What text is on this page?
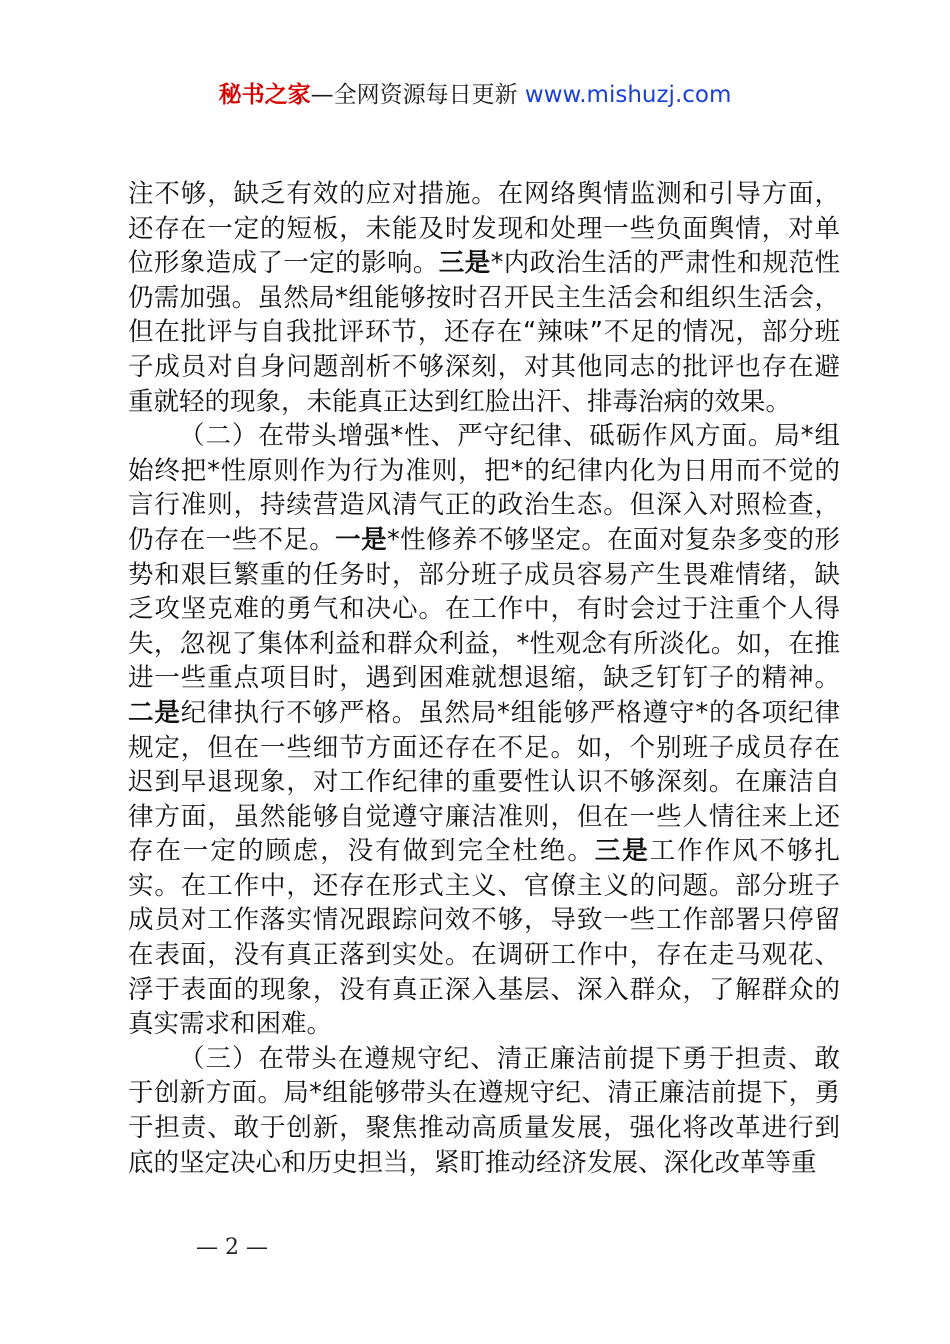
秘书之家—全网资源每日更新 www.mishuzj.com

注不够，缺乏有效的应对措施。在网络舆情监测和引导方面，还存在一定的短板，未能及时发现和处理一些负面舆情，对单位形象造成了一定的影响。三是*内政治生活的严肃性和规范性仍需加强。虽然局*组能够按时召开民主生活会和组织生活会，但在批评与自我批评环节，还存在“辣味”不足的情况，部分班子成员对自身问题剖析不够深刻，对其他同志的批评也存在避重就轻的现象，未能真正达到红脸出汗、排毒治病的效果。

（二）在带头增强*性、严守纪律、砥砺作风方面。局*组始终把*性原则作为行为准则，把*的纪律内化为日用而不觉的言行准则，持续营造风清气正的政治生态。但深入对照检查，仍存在一些不足。一是*性修养不够坚定。在面对复杂多变的形势和艰巨繁重的任务时，部分班子成员容易产生畏难情绪，缺乏攻坚克难的勇气和决心。在工作中，有时会过于注重个人得失，忽视了集体利益和群众利益，*性观念有所淡化。如，在推进一些重点项目时，遇到困难就想退缩，缺乏钉钉子的精神。二是纪律执行不够严格。虽然局*组能够严格遵守*的各项纪律规定，但在一些细节方面还存在不足。如，个别班子成员存在迟到早退现象，对工作纪律的重要性认识不够深刻。在廉洁自律方面，虽然能够自觉遵守廉洁准则，但在一些人情往来上还存在一定的顾虑，没有做到完全杜绝。三是工作作风不够扎实。在工作中，还存在形式主义、官僚主义的问题。部分班子成员对工作落实情况跟踪问效不够，导致一些工作部署只停留在表面，没有真正落到实处。在调研工作中，存在走马观花、浮于表面的现象，没有真正深入基层、深入群众，了解群众的真实需求和困难。

（三）在带头在遵规守纪、清正廉洁前提下勇于担责、敢于创新方面。局*组能够带头在遵规守纪、清正廉洁前提下，勇于担责、敢于创新，聚焦推动高质量发展，强化将改革进行到底的坚定决心和历史担当，紧盯推动经济发展、深化改革等重

— 2 —
